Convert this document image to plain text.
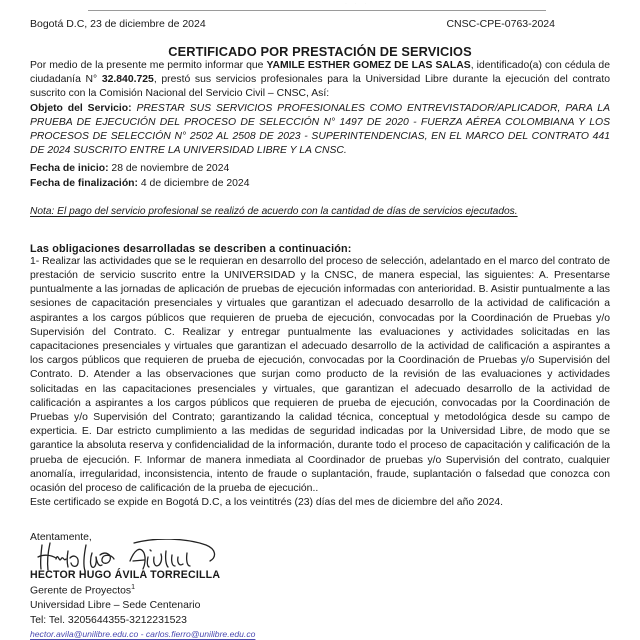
· · ·
Bogotá D.C, 23 de diciembre de 2024	CNSC-CPE-0763-2024
CERTIFICADO POR PRESTACIÓN DE SERVICIOS

Por medio de la presente me permito informar que YAMILE ESTHER GOMEZ DE LAS SALAS, identificado(a) con cédula de ciudadanía N° 32.840.725, prestó sus servicios profesionales para la Universidad Libre durante la ejecución del contrato suscrito con la Comisión Nacional del Servicio Civil – CNSC, Así:

Objeto del Servicio: PRESTAR SUS SERVICIOS PROFESIONALES COMO ENTREVISTADOR/APLICADOR, PARA LA PRUEBA DE EJECUCIÓN DEL PROCESO DE SELECCIÓN N° 1497 DE 2020 - FUERZA AÉREA COLOMBIANA Y LOS PROCESOS DE SELECCIÓN N° 2502 AL 2508 DE 2023 - SUPERINTENDENCIAS, EN EL MARCO DEL CONTRATO 441 DE 2024 SUSCRITO ENTRE LA UNIVERSIDAD LIBRE Y LA CNSC.

Fecha de inicio: 28 de noviembre de 2024
Fecha de finalización: 4 de diciembre de 2024
Nota: El pago del servicio profesional se realizó de acuerdo con la cantidad de días de servicios ejecutados.
Las obligaciones desarrolladas se describen a continuación:

1- Realizar las actividades que se le requieran en desarrollo del proceso de selección, adelantado en el marco del contrato de prestación de servicio suscrito entre la UNIVERSIDAD y la CNSC, de manera especial, las siguientes: A. Presentarse puntualmente a las jornadas de aplicación de pruebas de ejecución informadas con anterioridad. B. Asistir puntualmente a las sesiones de capacitación presenciales y virtuales que garantizan el adecuado desarrollo de la actividad de calificación a aspirantes a los cargos públicos que requieren de prueba de ejecución, convocadas por la Coordinación de Pruebas y/o Supervisión del Contrato. C. Realizar y entregar puntualmente las evaluaciones y actividades solicitadas en las capacitaciones presenciales y virtuales que garantizan el adecuado desarrollo de la actividad de calificación a aspirantes a los cargos públicos que requieren de prueba de ejecución, convocadas por la Coordinación de Pruebas y/o Supervisión del Contrato. D. Atender a las observaciones que surjan como producto de la revisión de las evaluaciones y actividades solicitadas en las capacitaciones presenciales y virtuales, que garantizan el adecuado desarrollo de la actividad de calificación a aspirantes a los cargos públicos que requieren de prueba de ejecución, convocadas por la Coordinación de Pruebas y/o Supervisión del Contrato; garantizando la calidad técnica, conceptual y metodológica desde su campo de experticia. E. Dar estricto cumplimiento a las medidas de seguridad indicadas por la Universidad Libre, de modo que se garantice la absoluta reserva y confidencialidad de la información, durante todo el proceso de capacitación y calificación de la prueba de ejecución. F. Informar de manera inmediata al Coordinador de pruebas y/o Supervisión del contrato, cualquier anomalía, irregularidad, inconsistencia, intento de fraude o suplantación, fraude, suplantación o falsedad que conozca con ocasión del proceso de calificación de la prueba de ejecución..

Este certificado se expide en Bogotá D.C, a los veintitrés (23) días del mes de diciembre del año 2024.

Atentamente,
HECTOR HUGO ÁVILA TORRECILLA
Gerente de Proyectos$^1$
Universidad Libre – Sede Centenario
Tel: Tel. 3205644355-3212231523
hector.avila@unilibre.edu.co - carlos.fierro@unilibre.edu.co
